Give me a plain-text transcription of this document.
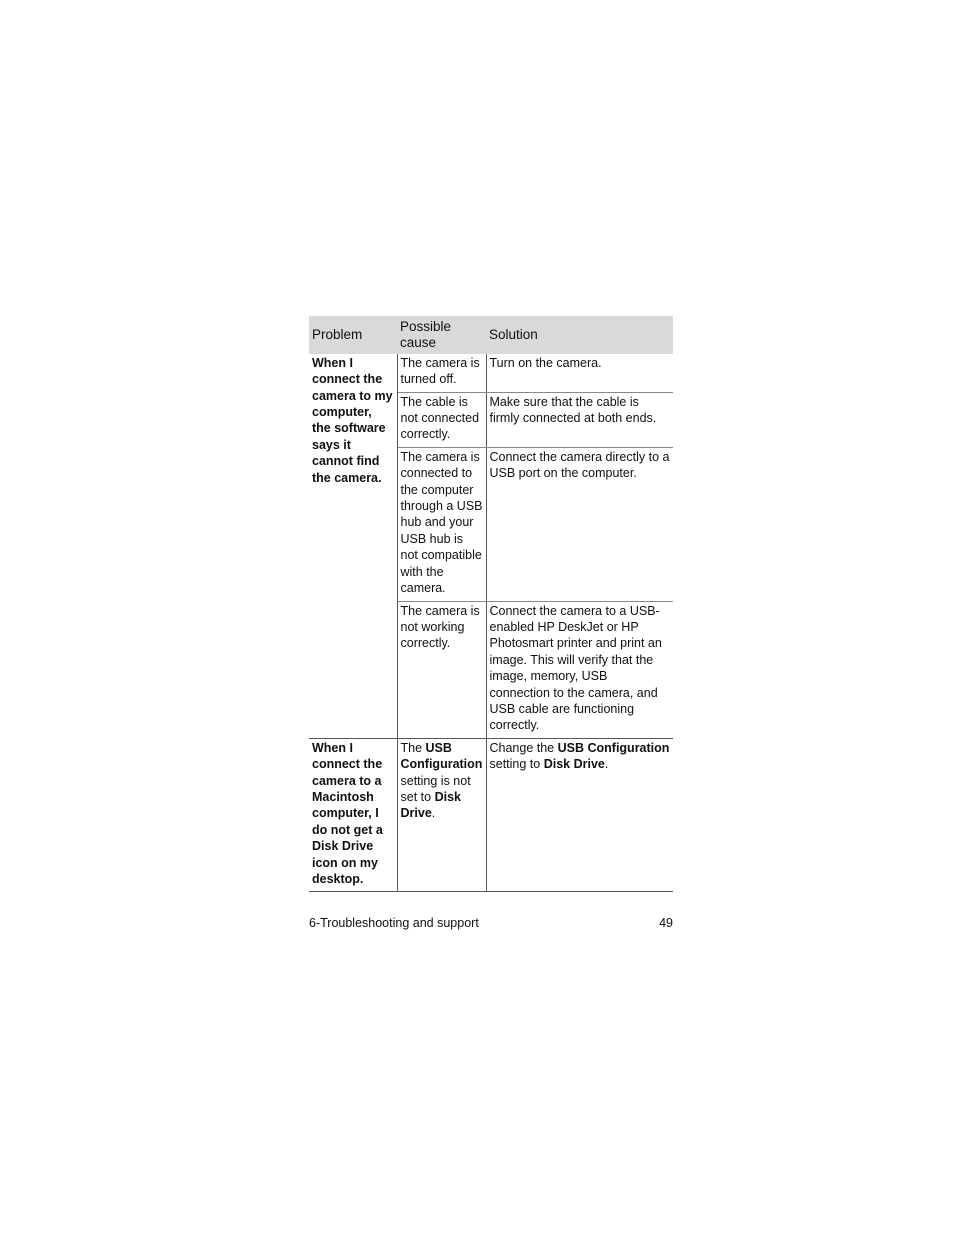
Problem	Possible cause	Solution
When I connect the camera to my computer, the software says it cannot find the camera.	The camera is turned off.	Turn on the camera.
	The cable is not connected correctly.	Make sure that the cable is firmly connected at both ends.
	The camera is connected to the computer through a USB hub and your USB hub is not compatible with the camera.	Connect the camera directly to a USB port on the computer.
	The camera is not working correctly.	Connect the camera to a USB-enabled HP DeskJet or HP Photosmart printer and print an image. This will verify that the image, memory, USB connection to the camera, and USB cable are functioning correctly.
When I connect the camera to a Macintosh computer, I do not get a Disk Drive icon on my desktop.	The USB Configuration setting is not set to Disk Drive.	Change the USB Configuration setting to Disk Drive.
6-Troubleshooting and support	49
